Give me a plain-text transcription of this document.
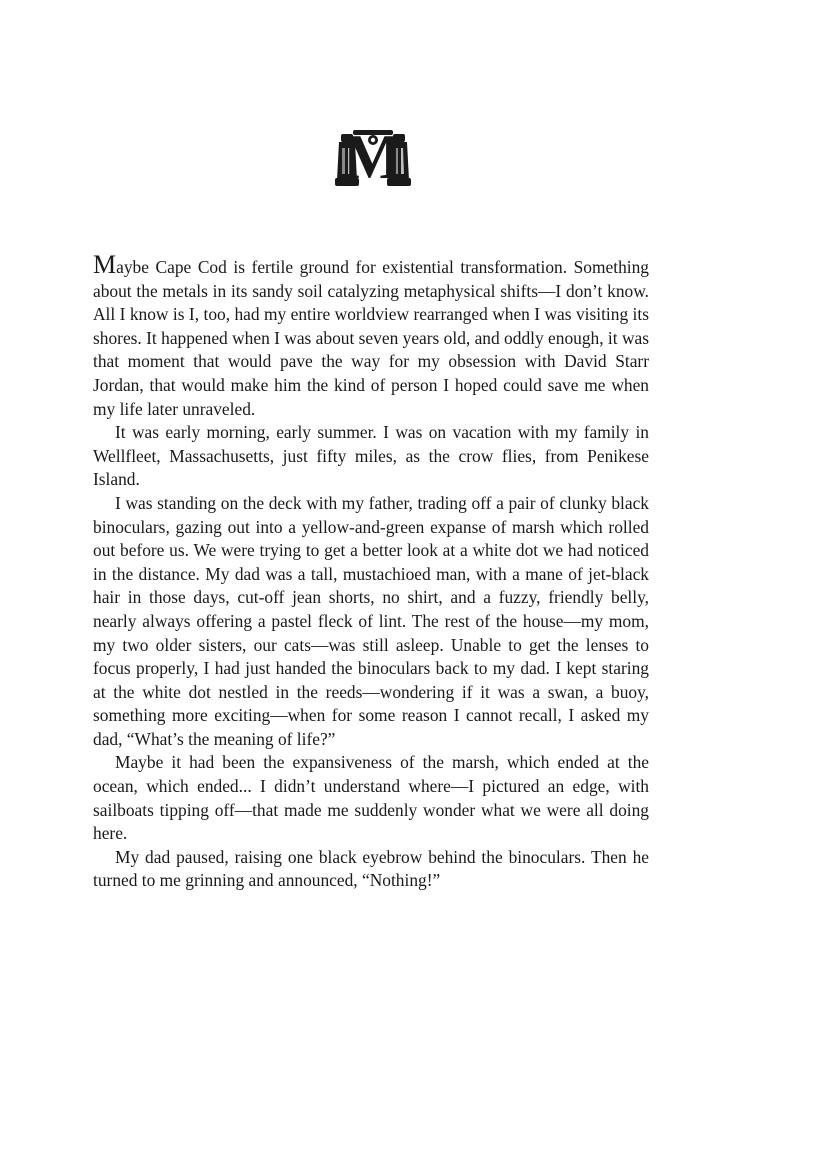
M

Maybe Cape Cod is fertile ground for existential transformation. Something about the metals in its sandy soil catalyzing metaphysical shifts—I don’t know. All I know is I, too, had my entire worldview rearranged when I was visiting its shores. It happened when I was about seven years old, and oddly enough, it was that moment that would pave the way for my obsession with David Starr Jordan, that would make him the kind of person I hoped could save me when my life later unraveled.

It was early morning, early summer. I was on vacation with my family in Wellfleet, Massachusetts, just fifty miles, as the crow flies, from Penikese Island.

I was standing on the deck with my father, trading off a pair of clunky black binoculars, gazing out into a yellow-and-green expanse of marsh which rolled out before us. We were trying to get a better look at a white dot we had noticed in the distance. My dad was a tall, mustachioed man, with a mane of jet-black hair in those days, cut-off jean shorts, no shirt, and a fuzzy, friendly belly, nearly always offering a pastel fleck of lint. The rest of the house—my mom, my two older sisters, our cats—was still asleep. Unable to get the lenses to focus properly, I had just handed the binoculars back to my dad. I kept staring at the white dot nestled in the reeds—wondering if it was a swan, a buoy, something more exciting—when for some reason I cannot recall, I asked my dad, “What’s the meaning of life?”

Maybe it had been the expansiveness of the marsh, which ended at the ocean, which ended... I didn’t understand where—I pictured an edge, with sailboats tipping off—that made me suddenly wonder what we were all doing here.

My dad paused, raising one black eyebrow behind the binoculars. Then he turned to me grinning and announced, “Nothing!”
